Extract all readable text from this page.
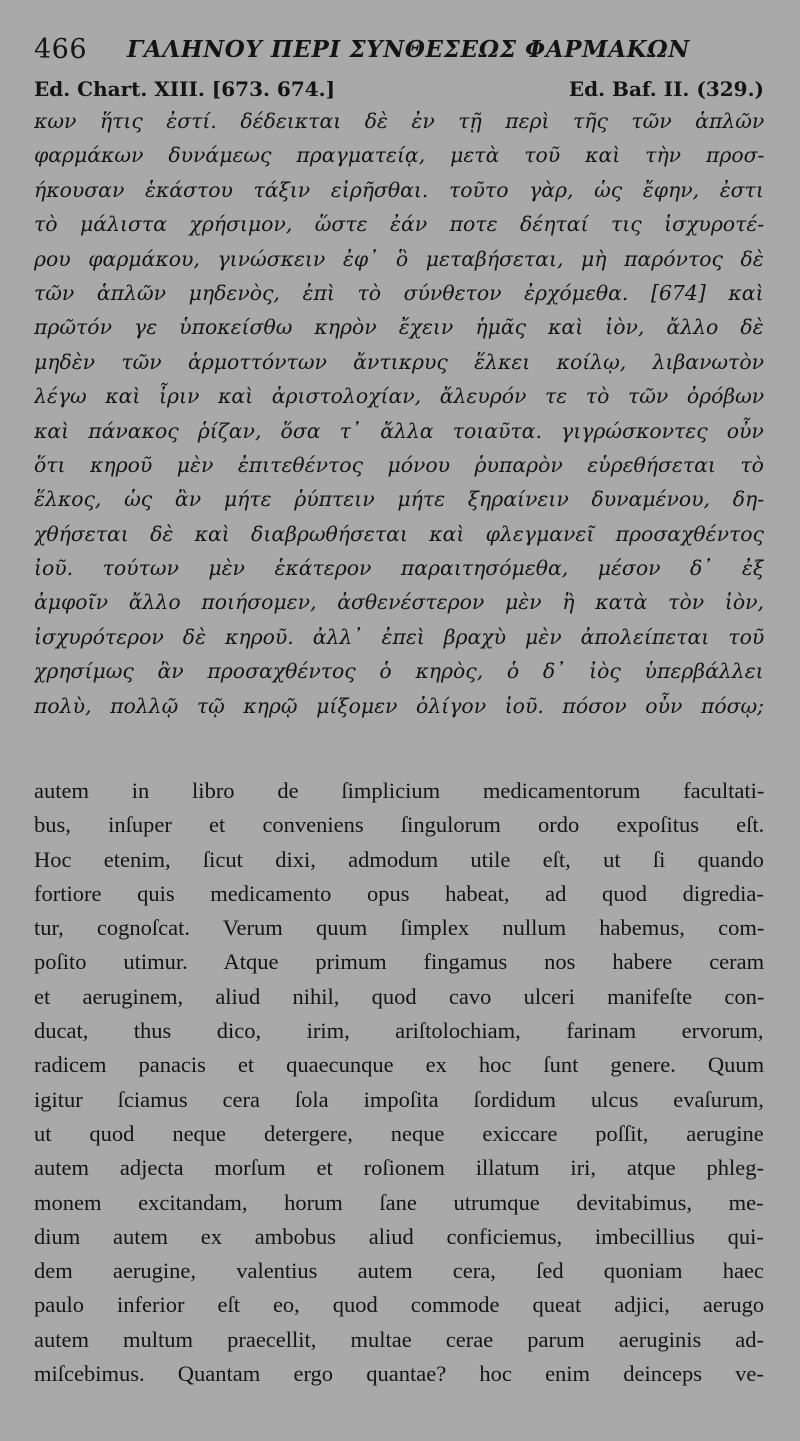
466 ΓΑΛΗΝΟΥ ΠΕΡΙ ΣΥΝΘΕΣΕΩΣ ΦΑΡΜΑΚΩΝ
Ed. Chart. XIII. [673. 674.]	Ed. Baf. II. (329.)
κων ἥτις ἐστί. δέδεικται δὲ ἐν τῇ περὶ τῆς τῶν ἁπλῶν
φαρμάκων δυνάμεως πραγματείᾳ, μετὰ τοῦ καὶ τὴν προσ-
ήκουσαν ἑκάστου τάξιν εἰρῆσθαι. τοῦτο γὰρ, ὡς ἔφην, ἐστι
τὸ μάλιστα χρήσιμον, ὥστε ἐάν ποτε δέηταί τις ἰσχυροτέ-
ρου φαρμάκου, γινώσκειν ἐφ᾽ ὃ μεταβήσεται, μὴ παρόντος δὲ
τῶν ἁπλῶν μηδενὸς, ἐπὶ τὸ σύνθετον ἐρχόμεθα. [674] καὶ
πρῶτόν γε ὑποκείσθω κηρὸν ἔχειν ἡμᾶς καὶ ἰὸν, ἄλλο δὲ
μηδὲν τῶν ἁρμοττόντων ἄντικρυς ἕλκει κοίλῳ, λιβανωτὸν
λέγω καὶ ἶριν καὶ ἀριστολοχίαν, ἄλευρόν τε τὸ τῶν ὀρόβων
καὶ πάνακος ῥίζαν, ὅσα τ᾽ ἄλλα τοιαῦτα. γιγρώσκοντες οὖν
ὅτι κηροῦ μὲν ἐπιτεθέντος μόνου ῥυπαρὸν εὑρεθήσεται τὸ
ἕλκος, ὡς ἂν μήτε ῥύπτειν μήτε ξηραίνειν δυναμένου, δη-
χθήσεται δὲ καὶ διαβρωθήσεται καὶ φλεγμανεῖ προσαχθέντος
ἰοῦ. τούτων μὲν ἑκάτερον παραιτησόμεθα, μέσον δ᾽ ἐξ
ἀμφοῖν ἄλλο ποιήσομεν, ἀσθενέστερον μὲν ἢ κατὰ τὸν ἰὸν,
ἰσχυρότερον δὲ κηροῦ. ἀλλ᾽ ἐπεὶ βραχὺ μὲν ἀπολείπεται τοῦ
χρησίμως ἂν προσαχθέντος ὁ κηρὸς, ὁ δ᾽ ἰὸς ὑπερβάλλει
πολὺ, πολλῷ τῷ κηρῷ μίξομεν ὀλίγον ἰοῦ. πόσον οὖν πόσῳ;
autem in libro de ſimplicium medicamentorum facultati-
bus, inſuper et conveniens ſingulorum ordo expoſitus eſt.
Hoc etenim, ſicut dixi, admodum utile eſt, ut ſi quando
fortiore quis medicamento opus habeat, ad quod digredia-
tur, cognoſcat. Verum quum ſimplex nullum habemus, com-
poſito utimur. Atque primum fingamus nos habere ceram
et aeruginem, aliud nihil, quod cavo ulceri manifeſte con-
ducat, thus dico, irim, ariſtolochiam, farinam ervorum,
radicem panacis et quaecunque ex hoc ſunt genere. Quum
igitur ſciamus cera ſola impoſita ſordidum ulcus evaſurum,
ut quod neque detergere, neque exiccare poſſit, aerugine
autem adjecta morſum et roſionem illatum iri, atque phleg-
monem excitandam, horum ſane utrumque devitabimus, me-
dium autem ex ambobus aliud conficiemus, imbecillius qui-
dem aerugine, valentius autem cera, ſed quoniam haec
paulo inferior eſt eo, quod commode queat adjici, aerugo
autem multum praecellit, multae cerae parum aeruginis ad-
miſcebimus. Quantam ergo quantae? hoc enim deinceps ve-
